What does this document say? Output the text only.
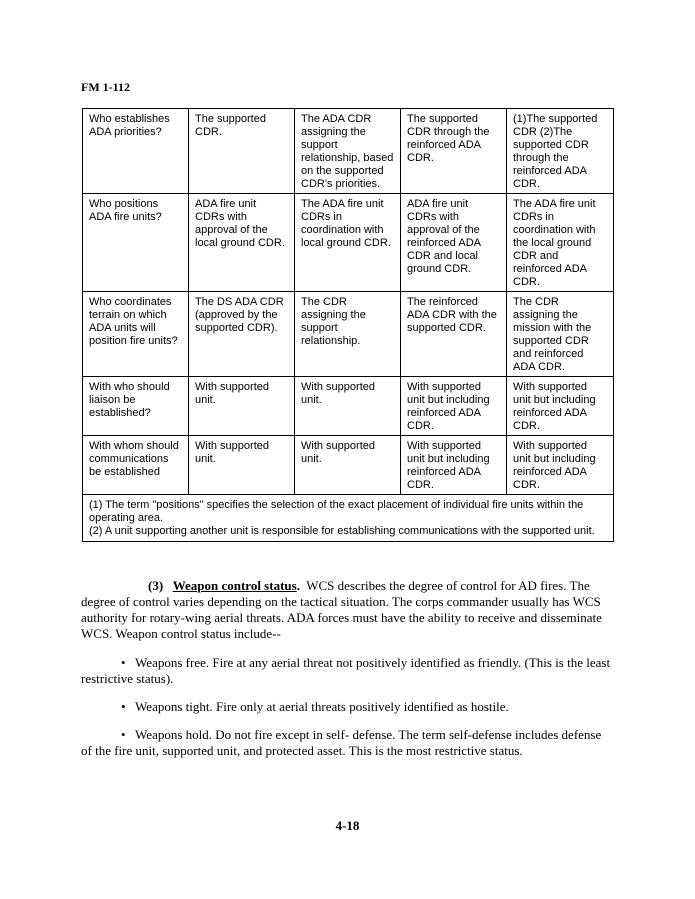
FM 1-112
Who establishes ADA priorities?	The supported CDR.	The ADA CDR assigning the support relationship, based on the supported CDR's priorities.	The supported CDR through the reinforced ADA CDR.	(1)The supported CDR (2)The supported CDR through the reinforced ADA CDR.
Who positions ADA fire units?	ADA fire unit CDRs with approval of the local ground CDR.	The ADA fire unit CDRs in coordination with local ground CDR.	ADA fire unit CDRs with approval of the reinforced ADA CDR and local ground CDR.	The ADA fire unit CDRs in coordination with the local ground CDR and reinforced ADA CDR.
Who coordinates terrain on which ADA units will position fire units?	The DS ADA CDR (approved by the supported CDR).	The CDR assigning the support relationship.	The reinforced ADA CDR with the supported CDR.	The CDR assigning the mission with the supported CDR and reinforced ADA CDR.
With who should liaison be established?	With supported unit.	With supported unit.	With supported unit but including reinforced ADA CDR.	With supported unit but including reinforced ADA CDR.
With whom should communications be established	With supported unit.	With supported unit.	With supported unit but including reinforced ADA CDR.	With supported unit but including reinforced ADA CDR.

(1) The term "positions" specifies the selection of the exact placement of individual fire units within the operating area.
(2) A unit supporting another unit is responsible for establishing communications with the supported unit.				
(3) Weapon control status. WCS describes the degree of control for AD fires. The degree of control varies depending on the tactical situation. The corps commander usually has WCS authority for rotary-wing aerial threats. ADA forces must have the ability to receive and disseminate WCS. Weapon control status include--
• Weapons free. Fire at any aerial threat not positively identified as friendly. (This is the least restrictive status).
• Weapons tight. Fire only at aerial threats positively identified as hostile.
• Weapons hold. Do not fire except in self- defense. The term self-defense includes defense of the fire unit, supported unit, and protected asset. This is the most restrictive status.
4-18
